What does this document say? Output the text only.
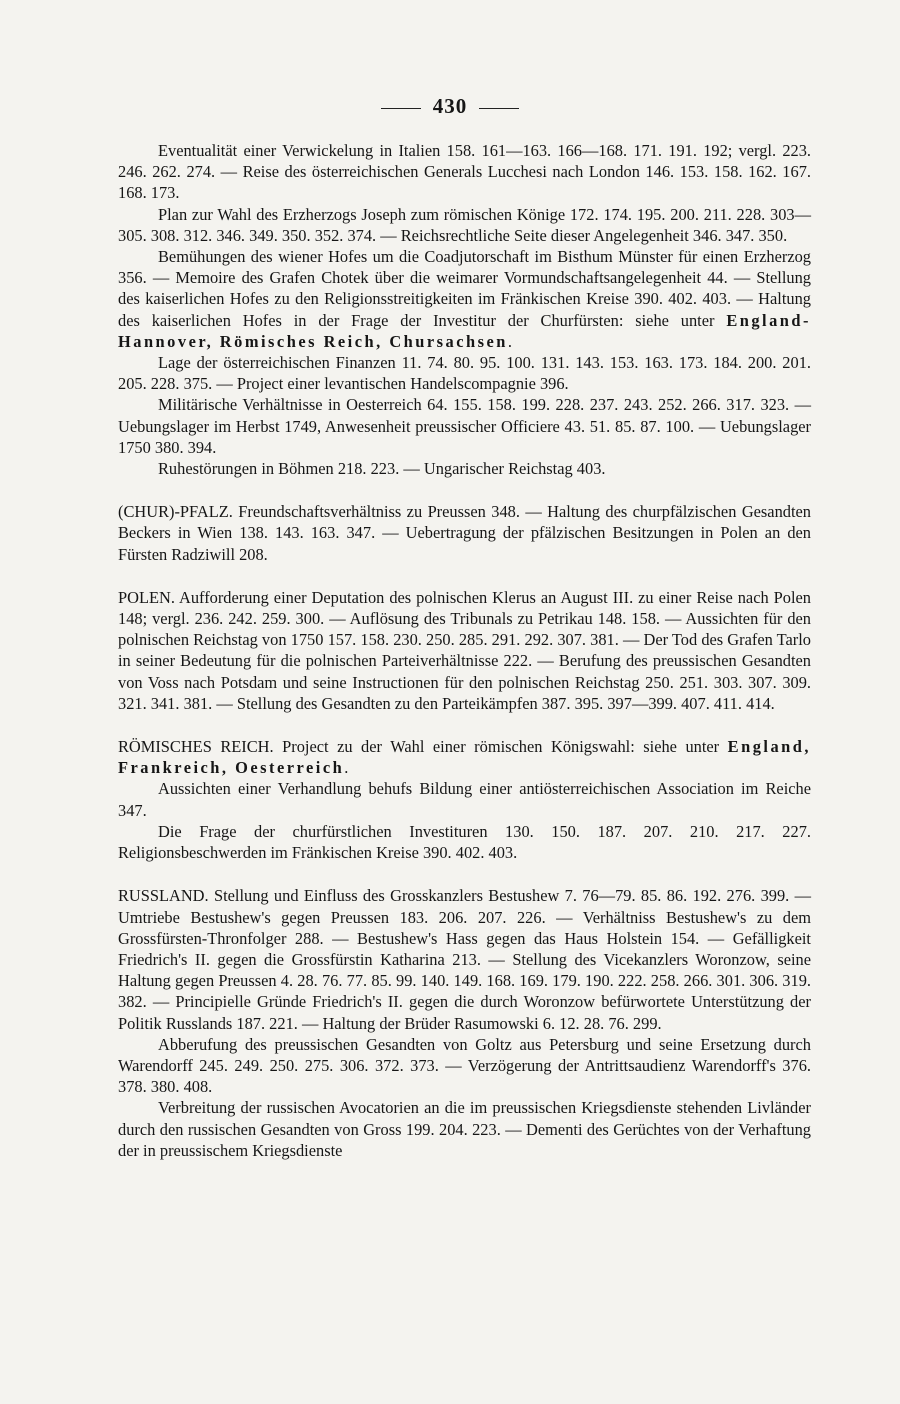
430

Eventualität einer Verwickelung in Italien 158. 161—163. 166—168. 171. 191. 192; vergl. 223. 246. 262. 274. — Reise des österreichischen Generals Lucchesi nach London 146. 153. 158. 162. 167. 168. 173.

Plan zur Wahl des Erzherzogs Joseph zum römischen Könige 172. 174. 195. 200. 211. 228. 303—305. 308. 312. 346. 349. 350. 352. 374. — Reichsrechtliche Seite dieser Angelegenheit 346. 347. 350.

Bemühungen des wiener Hofes um die Coadjutorschaft im Bisthum Münster für einen Erzherzog 356. — Memoire des Grafen Chotek über die weimarer Vormundschaftsangelegenheit 44. — Stellung des kaiserlichen Hofes zu den Religionsstreitigkeiten im Fränkischen Kreise 390. 402. 403. — Haltung des kaiserlichen Hofes in der Frage der Investitur der Churfürsten: siehe unter England-Hannover, Römisches Reich, Chursachsen.

Lage der österreichischen Finanzen 11. 74. 80. 95. 100. 131. 143. 153. 163. 173. 184. 200. 201. 205. 228. 375. — Project einer levantischen Handelscompagnie 396.

Militärische Verhältnisse in Oesterreich 64. 155. 158. 199. 228. 237. 243. 252. 266. 317. 323. — Uebungslager im Herbst 1749, Anwesenheit preussischer Officiere 43. 51. 85. 87. 100. — Uebungslager 1750 380. 394.

Ruhestörungen in Böhmen 218. 223. — Ungarischer Reichstag 403.

(CHUR)-PFALZ. Freundschaftsverhältniss zu Preussen 348. — Haltung des churpfälzischen Gesandten Beckers in Wien 138. 143. 163. 347. — Uebertragung der pfälzischen Besitzungen in Polen an den Fürsten Radziwill 208.

POLEN. Aufforderung einer Deputation des polnischen Klerus an August III. zu einer Reise nach Polen 148; vergl. 236. 242. 259. 300. — Auflösung des Tribunals zu Petrikau 148. 158. — Aussichten für den polnischen Reichstag von 1750 157. 158. 230. 250. 285. 291. 292. 307. 381. — Der Tod des Grafen Tarlo in seiner Bedeutung für die polnischen Parteiverhältnisse 222. — Berufung des preussischen Gesandten von Voss nach Potsdam und seine Instructionen für den polnischen Reichstag 250. 251. 303. 307. 309. 321. 341. 381. — Stellung des Gesandten zu den Parteikämpfen 387. 395. 397—399. 407. 411. 414.

RÖMISCHES REICH. Project zu der Wahl einer römischen Königswahl: siehe unter England, Frankreich, Oesterreich.

Aussichten einer Verhandlung behufs Bildung einer antiösterreichischen Association im Reiche 347.

Die Frage der churfürstlichen Investituren 130. 150. 187. 207. 210. 217. 227. Religionsbeschwerden im Fränkischen Kreise 390. 402. 403.

RUSSLAND. Stellung und Einfluss des Grosskanzlers Bestushew 7. 76—79. 85. 86. 192. 276. 399. — Umtriebe Bestushew's gegen Preussen 183. 206. 207. 226. — Verhältniss Bestushew's zu dem Grossfürsten-Thronfolger 288. — Bestushew's Hass gegen das Haus Holstein 154. — Gefälligkeit Friedrich's II. gegen die Grossfürstin Katharina 213. — Stellung des Vicekanzlers Woronzow, seine Haltung gegen Preussen 4. 28. 76. 77. 85. 99. 140. 149. 168. 169. 179. 190. 222. 258. 266. 301. 306. 319. 382. — Principielle Gründe Friedrich's II. gegen die durch Woronzow befürwortete Unterstützung der Politik Russlands 187. 221. — Haltung der Brüder Rasumowski 6. 12. 28. 76. 299.

Abberufung des preussischen Gesandten von Goltz aus Petersburg und seine Ersetzung durch Warendorff 245. 249. 250. 275. 306. 372. 373. — Verzögerung der Antrittsaudienz Warendorff's 376. 378. 380. 408.

Verbreitung der russischen Avocatorien an die im preussischen Kriegsdienste stehenden Livländer durch den russischen Gesandten von Gross 199. 204. 223. — Dementi des Gerüchtes von der Verhaftung der in preussischem Kriegsdienste
